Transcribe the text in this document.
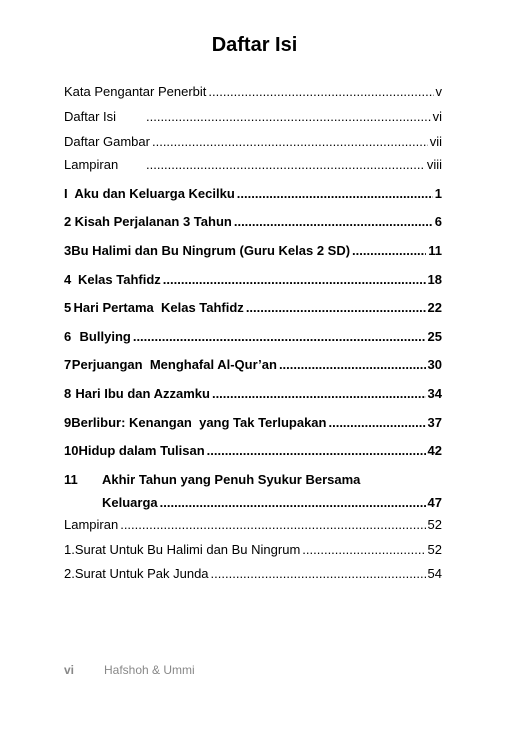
Daftar Isi
Kata Pengantar Penerbit .....	v
Daftar Isi .....	vi
Daftar Gambar .....	vii
Lampiran .....	viii
I Aku dan Keluarga Kecilku .....	1
2 Kisah Perjalanan 3 Tahun .....	6
3 Bu Halimi dan Bu Ningrum (Guru Kelas 2 SD) .....	11
4 Kelas Tahfidz .....	18
5 Hari Pertama  Kelas Tahfidz .....	22
6 Bullying .....	25
7 Perjuangan  Menghafal Al-Qur’an .....	30
8 Hari Ibu dan Azzamku .....	34
9 Berlibur: Kenangan  yang Tak Terlupakan .....	37
10 Hidup dalam Tulisan .....	42
11	Akhir Tahun yang Penuh Syukur Bersama
Keluarga .....	47
Lampiran .....	52
1. Surat Untuk Bu Halimi dan Bu Ningrum .....	52
2. Surat Untuk Pak Junda .....	54
vi	Hafshoh & Ummi
